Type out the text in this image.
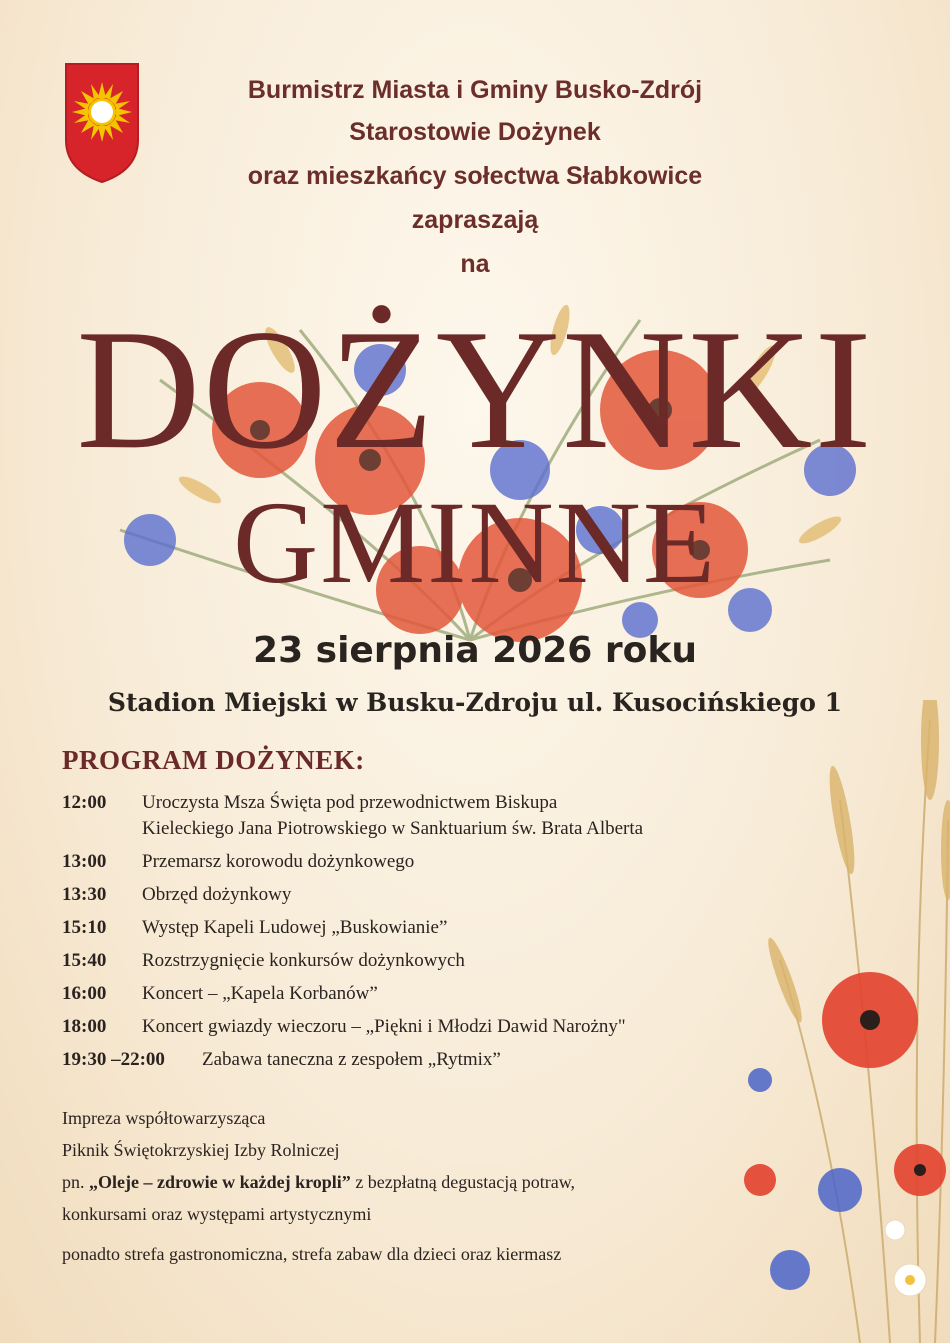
Burmistrz Miasta i Gminy Busko-Zdrój
Starostowie Dożynek
oraz mieszkańcy sołectwa Słabkowice
zapraszają
na
DOŻYNKI
GMINNE
23 sierpnia 2026 roku
Stadion Miejski w Busku-Zdroju ul. Kusocińskiego 1
PROGRAM DOŻYNEK:
12:00	Uroczysta Msza Święta pod przewodnictwem Biskupa
Kieleckiego Jana Piotrowskiego w Sanktuarium św. Brata Alberta
13:00	Przemarsz korowodu dożynkowego
13:30	Obrzęd dożynkowy
15:10	Występ Kapeli Ludowej „Buskowianie”
15:40	Rozstrzygnięcie konkursów dożynkowych
16:00	Koncert – „Kapela Korbanów”
18:00	Koncert gwiazdy wieczoru – „Piękni i Młodzi Dawid Narożny"
19:30 –22:00	Zabawa taneczna z zespołem „Rytmix”
Impreza współtowarzysząca
Piknik Świętokrzyskiej Izby Rolniczej
pn. „Oleje – zdrowie w każdej kropli” z bezpłatną degustacją potraw,
konkursami oraz występami artystycznymi
ponadto strefa gastronomiczna, strefa zabaw dla dzieci oraz kiermasz
